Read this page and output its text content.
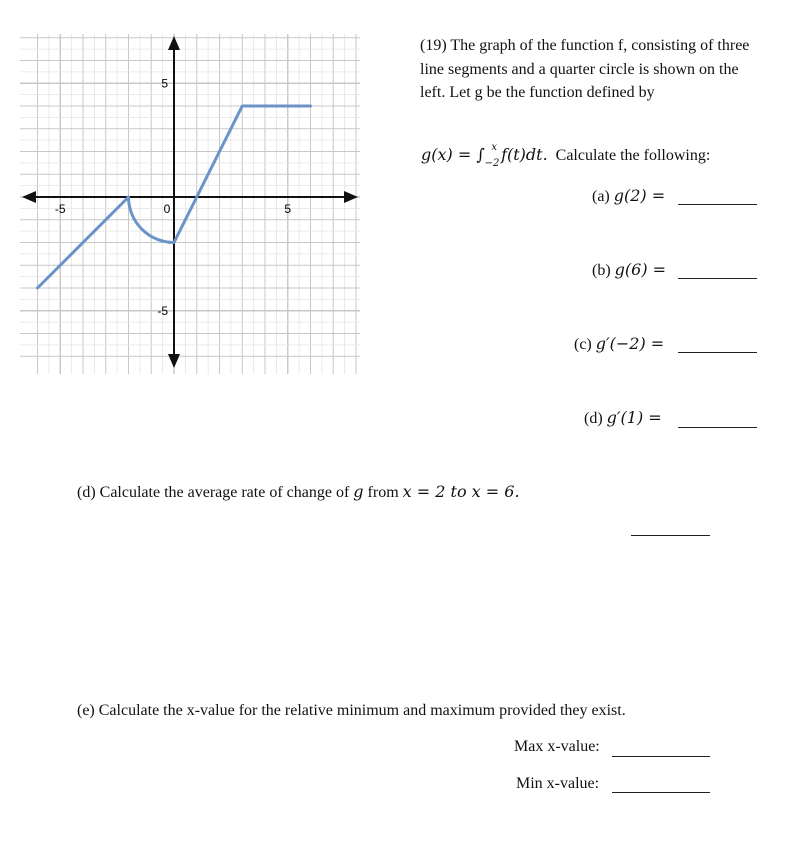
-5	0	5
5
-5
(19) The graph of the function f, consisting of three line segments and a quarter circle is shown on the left. Let g be the function defined by
$g(x) = \int_{-2}^x$ f(t)dt. Calculate the following:
(a) g(2) =
(b) g(6) =
(c) g′(−2) =
(d) g′(1) =
(d) Calculate the average rate of change of g from x = 2 to x = 6.
(e) Calculate the x-value for the relative minimum and maximum provided they exist.
Max x-value:
Min x-value:
